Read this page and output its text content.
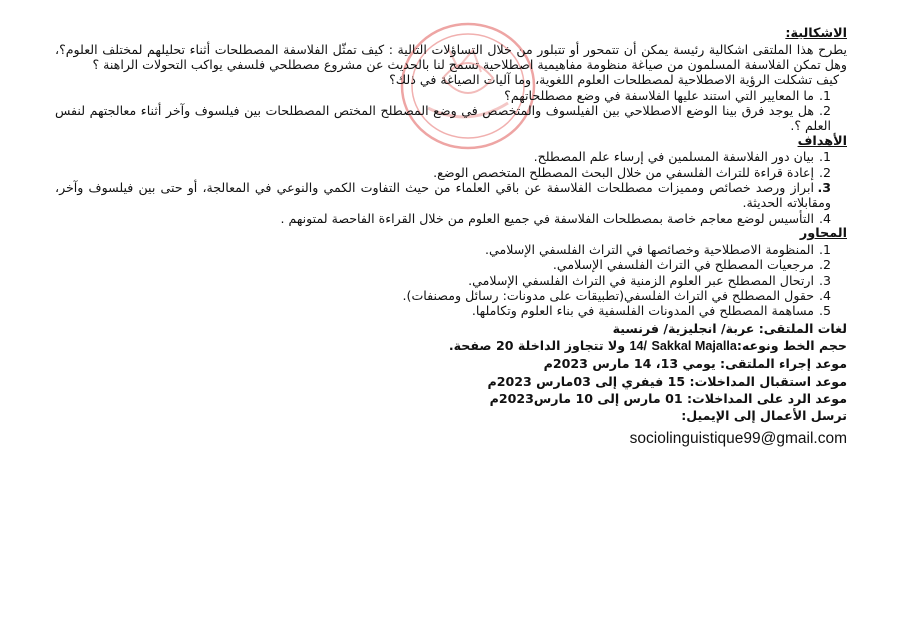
الاشكالية:

يطرح هذا الملتقى اشكالية رئيسة يمكن أن تتمحور أو تتبلور من خلال التساؤلات التالية : كيف تمثّل الفلاسفة المصطلحات أثناء تحليلهم لمختلف العلوم؟، وهل تمكن الفلاسفة المسلمون من صياغة منظومة مفاهيمية اصطلاحية تسمح لنا بالحديث عن مشروع مصطلحي فلسفي يواكب التحولات الراهنة ؟

كيف تشكلت الرؤية الاصطلاحية لمصطلحات العلوم اللغوية، وما آليات الصياغة في ذلك؟

1.ما المعايير التي استند عليها الفلاسفة في وضع مصطلحاتهم؟
2.هل يوجد فرق بينا الوضع الاصطلاحي بين الفيلسوف والمتخصص في وضع المصطلح المختص المصطلحات بين فيلسوف وآخر أثناء معالجتهم لنفس العلم ؟.

الأهداف

1.بيان دور الفلاسفة المسلمين في إرساء علم المصطلح.
2.إعادة قراءة للتراث الفلسفي من خلال البحث المصطلح المتخصص الوضع.
3.ابراز ورصد خصائص ومميزات مصطلحات الفلاسفة عن باقي العلماء من حيث التفاوت الكمي والنوعي في المعالجة، أو حتى بين فيلسوف وآخر، ومقابلاته الحديثة.
4.التأسيس لوضع معاجم خاصة بمصطلحات الفلاسفة في جميع العلوم من خلال القراءة الفاحصة لمتونهم .

المحاور

1.المنظومة الاصطلاحية وخصائصها في التراث الفلسفي الإسلامي.
2.مرجعيات المصطلح في التراث الفلسفي الإسلامي.
3.ارتحال المصطلح عبر العلوم الزمنية في التراث الفلسفي الإسلامي.
4.حقول المصطلح في التراث الفلسفي(تطبيقات على مدونات: رسائل ومصنفات).
5.مساهمة المصطلح في المدونات الفلسفية في بناء العلوم وتكاملها.

لغات الملتقى: عربة/ انجليزية/ فرنسية

حجم الخط ونوعه:Sakkal Majalla 14/ ولا تتجاوز الداخلة 20 صفحة.

موعد إجراء الملتقى: يومي 13، 14 مارس 2023م

موعد استقبال المداخلات: 15 فيفري إلى 03مارس 2023م

موعد الرد على المداخلات: 01 مارس إلى 10 مارس2023م

ترسل الأعمال إلى الإيميل:

sociolinguistique99@gmail.com
